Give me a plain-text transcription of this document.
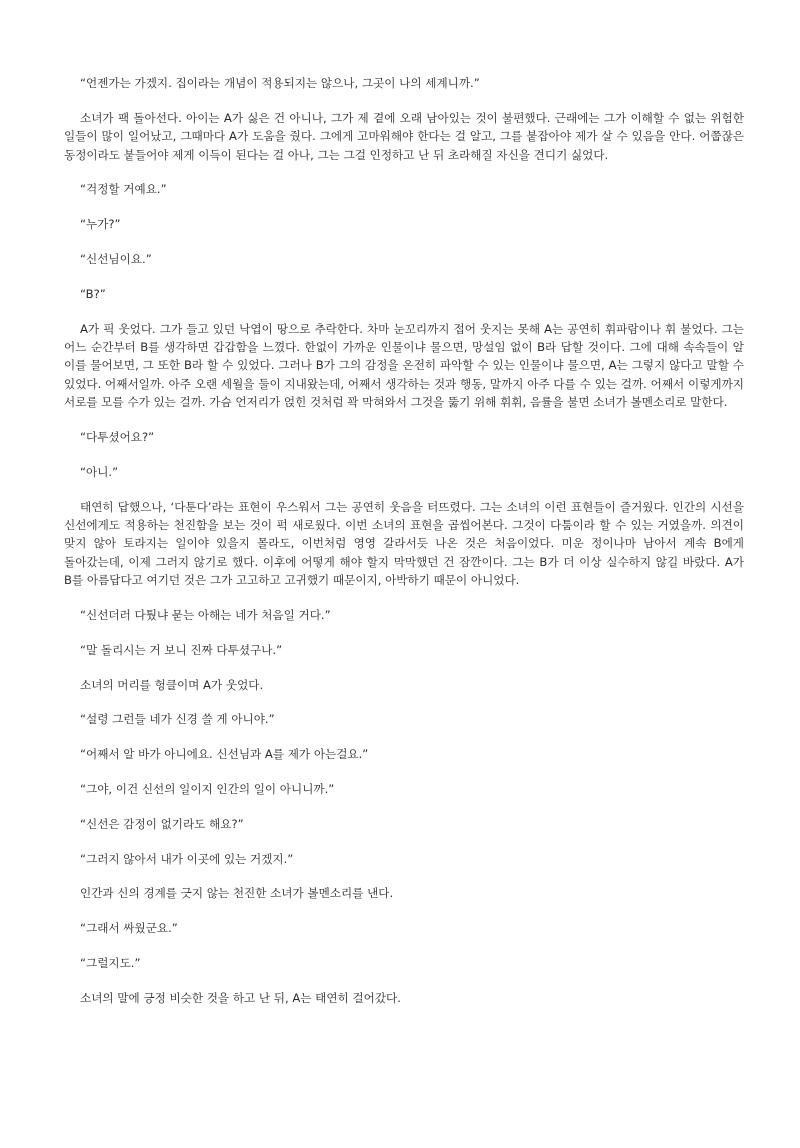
“언젠가는 가겠지. 집이라는 개념이 적용되지는 않으나, 그곳이 나의 세계니까.”

소녀가 팩 돌아선다. 아이는 A가 싫은 건 아니나, 그가 제 곁에 오래 남아있는 것이 불편했다. 근래에는 그가 이해할 수 없는 위험한 일들이 많이 일어났고, 그때마다 A가 도움을 줬다. 그에게 고마워해야 한다는 걸 알고, 그를 붙잡아야 제가 살 수 있음을 안다. 어쭙잖은 동정이라도 붙들어야 제게 이득이 된다는 걸 아나, 그는 그걸 인정하고 난 뒤 초라해질 자신을 견디기 싫었다.

“걱정할 거예요.”

“누가?”

“신선님이요.”

“B?”

A가 픽 웃었다. 그가 들고 있던 낙엽이 땅으로 추락한다. 차마 눈꼬리까지 접어 웃지는 못해 A는 공연히 휘파람이나 휘 불었다. 그는 어느 순간부터 B를 생각하면 갑갑함을 느꼈다. 한없이 가까운 인물이냐 물으면, 망설임 없이 B라 답할 것이다. 그에 대해 속속들이 알 이를 물어보면, 그 또한 B라 할 수 있었다. 그러나 B가 그의 감정을 온전히 파악할 수 있는 인물이냐 물으면, A는 그렇지 않다고 말할 수 있었다. 어째서일까. 아주 오랜 세월을 둘이 지내왔는데, 어째서 생각하는 것과 행동, 말까지 아주 다를 수 있는 걸까. 어째서 이렇게까지 서로를 모를 수가 있는 걸까. 가슴 언저리가 얹힌 것처럼 꽉 막혀와서 그것을 뚫기 위해 휘휘, 음률을 불면 소녀가 볼멘소리로 말한다.

“다투셨어요?”

“아니.”

태연히 답했으나, ‘다툰다’라는 표현이 우스워서 그는 공연히 웃음을 터뜨렸다. 그는 소녀의 이런 표현들이 즐거웠다. 인간의 시선을 신선에게도 적용하는 천진함을 보는 것이 퍽 새로웠다. 이번 소녀의 표현을 곱씹어본다. 그것이 다툼이라 할 수 있는 거였을까. 의견이 맞지 않아 토라지는 일이야 있을지 몰라도, 이번처럼 영영 갈라서듯 나온 것은 처음이었다. 미운 정이나마 남아서 계속 B에게 돌아갔는데, 이제 그러지 않기로 했다. 이후에 어떻게 해야 할지 막막했던 건 잠깐이다. 그는 B가 더 이상 실수하지 않길 바랐다. A가 B를 아름답다고 여기던 것은 그가 고고하고 고귀했기 때문이지, 아박하기 때문이 아니었다.

“신선더러 다퉜냐 묻는 아해는 네가 처음일 거다.”

“말 돌리시는 거 보니 진짜 다투셨구나.”

소녀의 머리를 헝클이며 A가 웃었다.

“설령 그런들 네가 신경 쓸 게 아니야.”

“어째서 알 바가 아니에요. 신선님과 A를 제가 아는걸요.”

“그야, 이건 신선의 일이지 인간의 일이 아니니까.”

“신선은 감정이 없기라도 해요?”

“그러지 않아서 내가 이곳에 있는 거겠지.”

인간과 신의 경계를 긋지 않는 천진한 소녀가 볼멘소리를 낸다.

“그래서 싸웠군요.”

“그럴지도.”

소녀의 말에 긍정 비슷한 것을 하고 난 뒤, A는 태연히 걸어갔다.
